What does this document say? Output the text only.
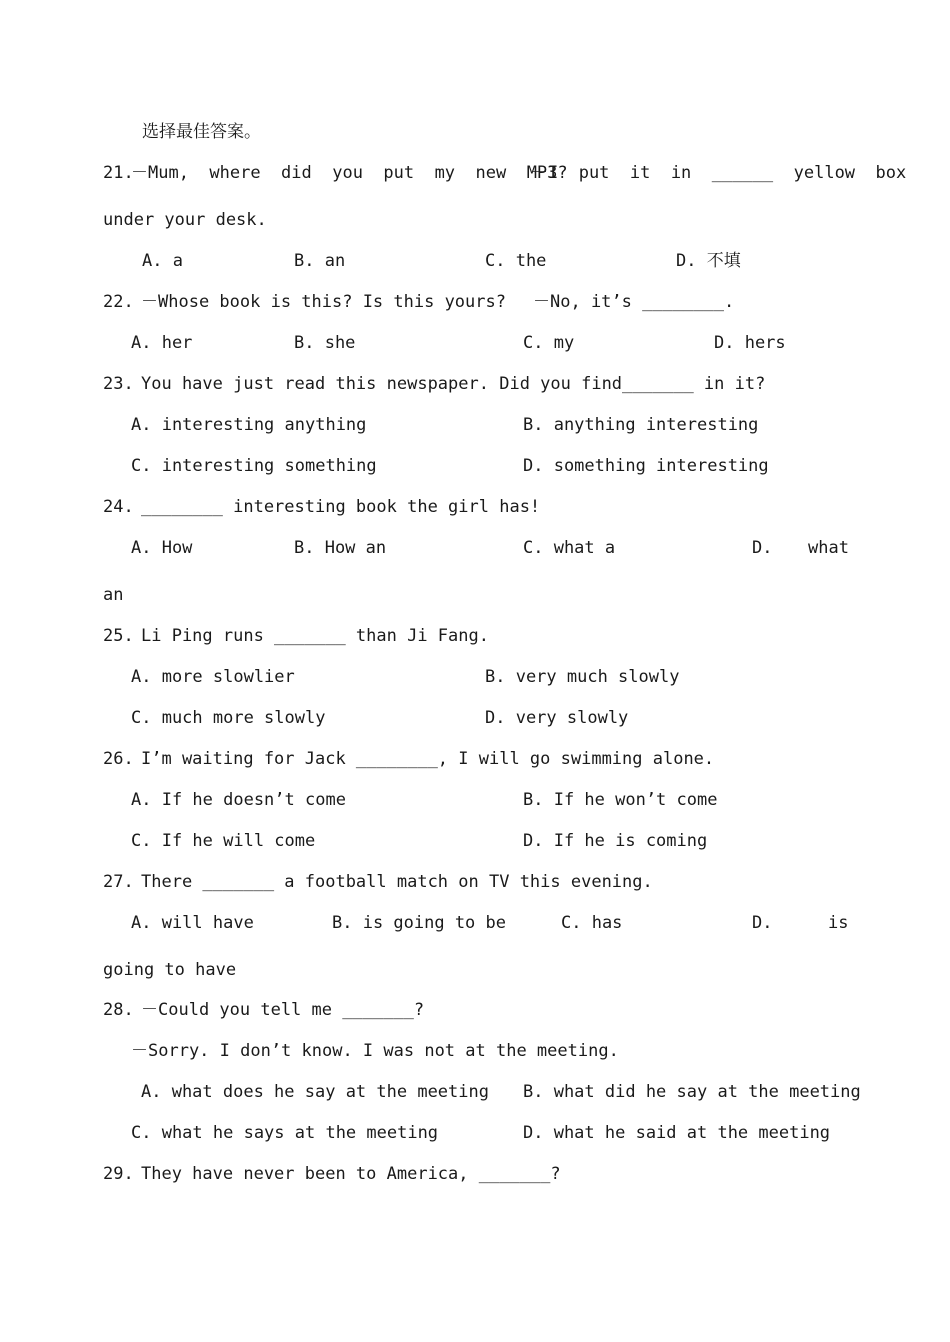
选择最佳答案。

21.

－Mum,  where  did  you  put  my  new  MP3?

－I  put  it  in  ______  yellow  box

under your desk.

A. a

	B. an

	C. the

	D. 不填

22.

－Whose book is this? Is this yours?

－No, it’s ________.

A. her

	B. she

	C. my

	D. hers

23.

You have just read this newspaper. Did you find_______ in it?

A. interesting anything

	B. anything interesting

C. interesting something

	D. something interesting

24.

________ interesting book the girl has!

A. How

	B. How an

	C. what a

	D.

what

an

25.

Li Ping runs _______ than Ji Fang.

A. more slowlier

	B. very much slowly

C. much more slowly

	D. very slowly

26.

I’m waiting for Jack ________, I will go swimming alone.

A. If he doesn’t come

	B. If he won’t come

C. If he will come

	D. If he is coming

27.

There _______ a football match on TV this evening.

A. will have

	B. is going to be

	C. has

	D.

	is

going to have

28.

－Could you tell me _______?

－Sorry. I don’t know. I was not at the meeting.

A. what does he say at the meeting

B. what did he say at the meeting

C. what he says at the meeting

	D. what he said at the meeting

29.

They have never been to America, _______?
